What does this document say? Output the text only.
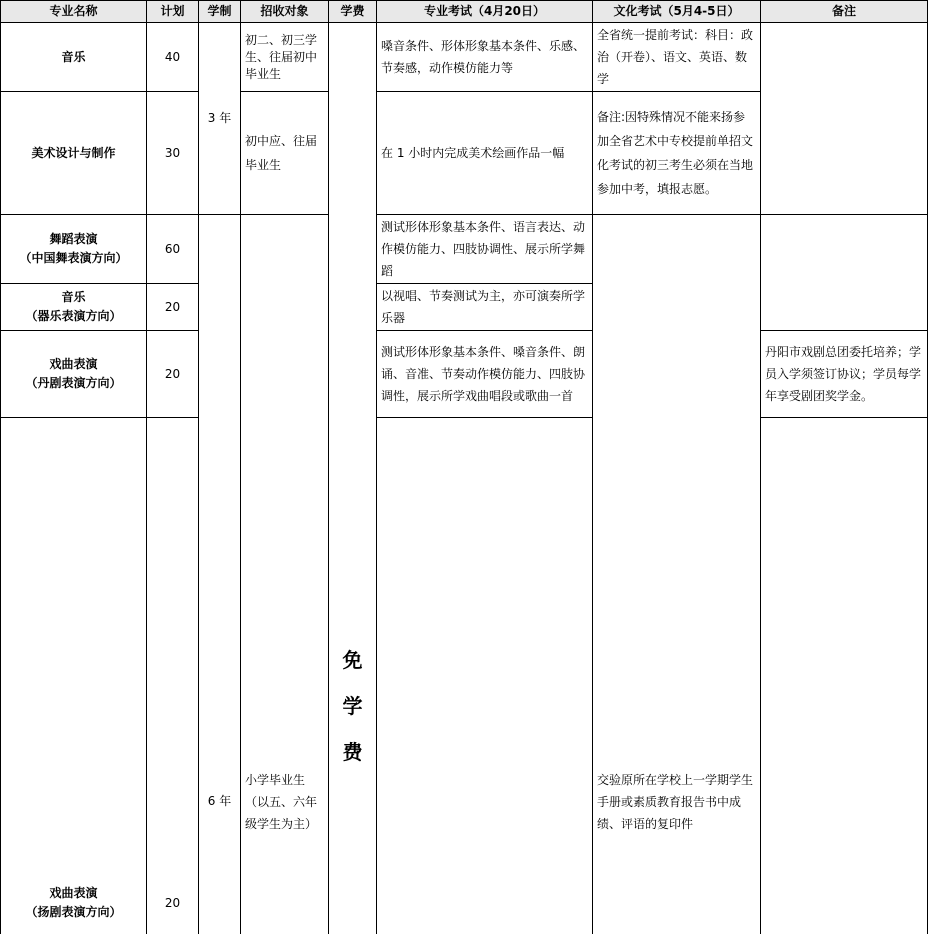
专业名称	计划	学制	招收对象	学费	专业考试（4月20日）	文化考试（5月4-5日）	备注	

音乐	40	3 年	初二、初三学生、往届初中毕业生	免学费	嗓音条件、形体形象基本条件、乐感、节奏感，动作模仿能力等	全省统一提前考试：科目：政治（开卷）、语文、英语、数学		

美术设计与制作	30		初中应、往届毕业生		在 1 小时内完成美术绘画作品一幅	备注:因特殊情况不能来扬参加全省艺术中专校提前单招文化考试的初三考生必须在当地参加中考，填报志愿。		

舞蹈表演
（中国舞表演方向）	60	6 年	小学毕业生（以五、六年级学生为主）		测试形体形象基本条件、语言表达、动作模仿能力、四肢协调性、展示所学舞蹈	交验原所在学校上一学期学生手册或素质教育报告书中成绩、评语的复印件		

音乐
（器乐表演方向）	20				以视唱、节奏测试为主，亦可演奏所学乐器			

戏曲表演
（丹剧表演方向）	20				测试形体形象基本条件、嗓音条件、朗诵、音准、节奏动作模仿能力、四肢协调性，展示所学戏曲唱段或歌曲一首		丹阳市戏剧总团委托培养；学员入学须签订协议；学员每学年享受剧团奖学金。	

戏曲表演
（扬剧表演方向）	20					
